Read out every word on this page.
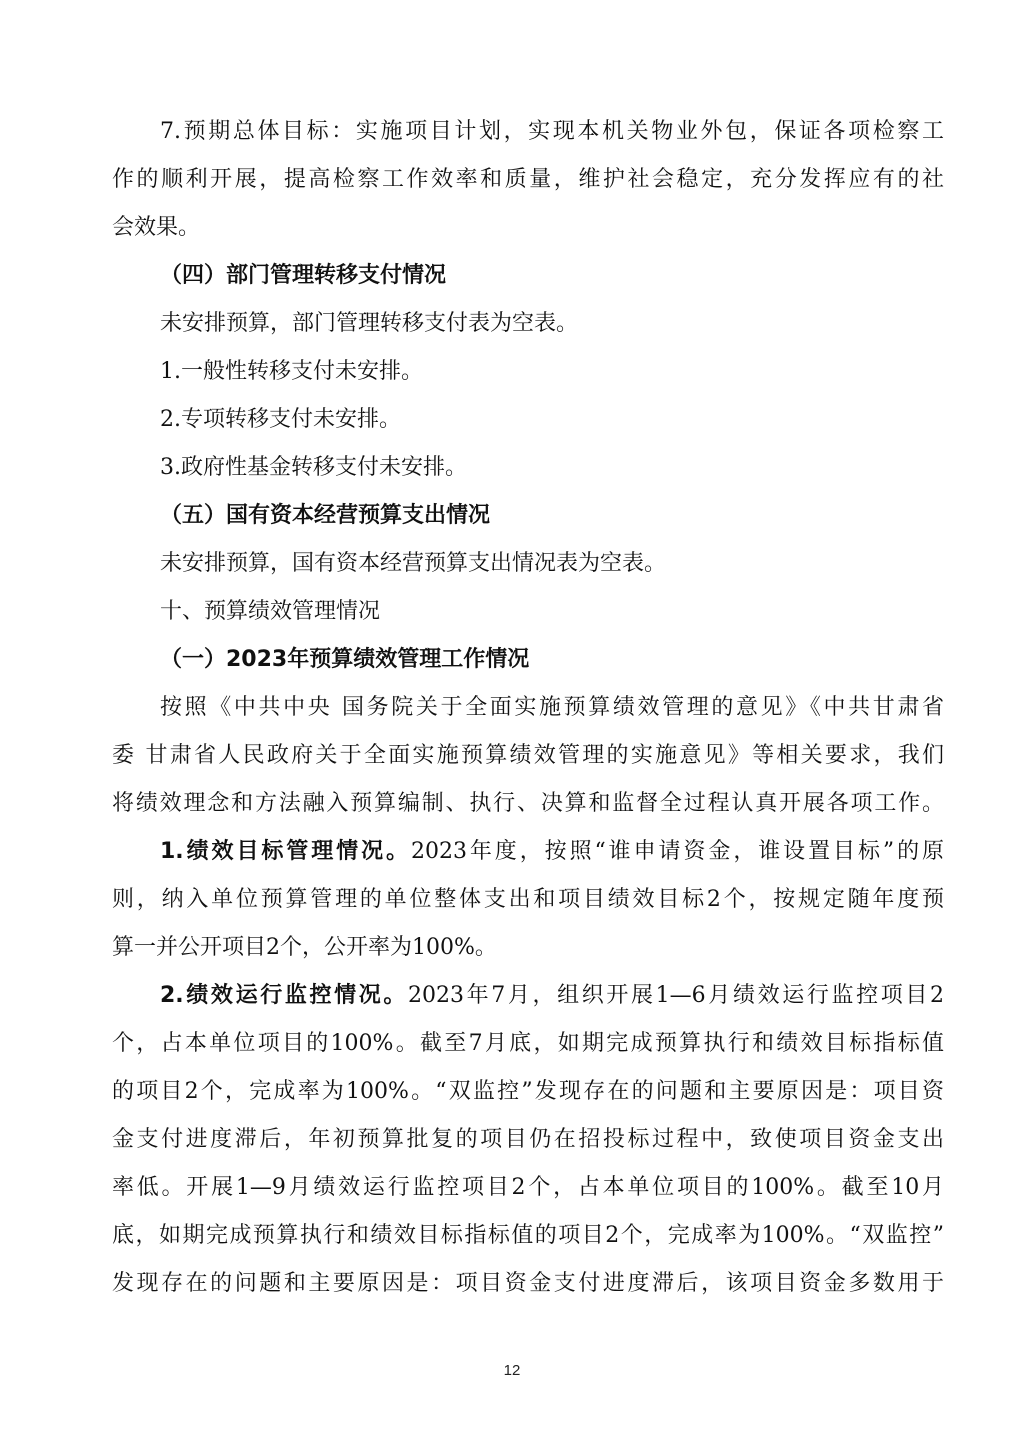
7.预期总体目标：实施项目计划，实现本机关物业外包，保证各项检察工
作的顺利开展，提高检察工作效率和质量，维护社会稳定，充分发挥应有的社
会效果。
（四）部门管理转移支付情况
未安排预算，部门管理转移支付表为空表。
1.一般性转移支付未安排。
2.专项转移支付未安排。
3.政府性基金转移支付未安排。
（五）国有资本经营预算支出情况
未安排预算，国有资本经营预算支出情况表为空表。
十、预算绩效管理情况
（一）2023年预算绩效管理工作情况
按照《中共中央 国务院关于全面实施预算绩效管理的意见》《中共甘肃省
委 甘肃省人民政府关于全面实施预算绩效管理的实施意见》等相关要求，我们
将绩效理念和方法融入预算编制、执行、决算和监督全过程认真开展各项工作。
1.绩效目标管理情况。2023年度，按照“谁申请资金，谁设置目标”的原
则，纳入单位预算管理的单位整体支出和项目绩效目标2个，按规定随年度预
算一并公开项目2个，公开率为100%。
2.绩效运行监控情况。2023年7月，组织开展1—6月绩效运行监控项目2
个，占本单位项目的100%。截至7月底，如期完成预算执行和绩效目标指标值
的项目2个，完成率为100%。“双监控”发现存在的问题和主要原因是：项目资
金支付进度滞后，年初预算批复的项目仍在招投标过程中，致使项目资金支出
率低。开展1—9月绩效运行监控项目2个，占本单位项目的100%。截至10月
底，如期完成预算执行和绩效目标指标值的项目2个，完成率为100%。“双监控”
发现存在的问题和主要原因是：项目资金支付进度滞后，该项目资金多数用于
12
